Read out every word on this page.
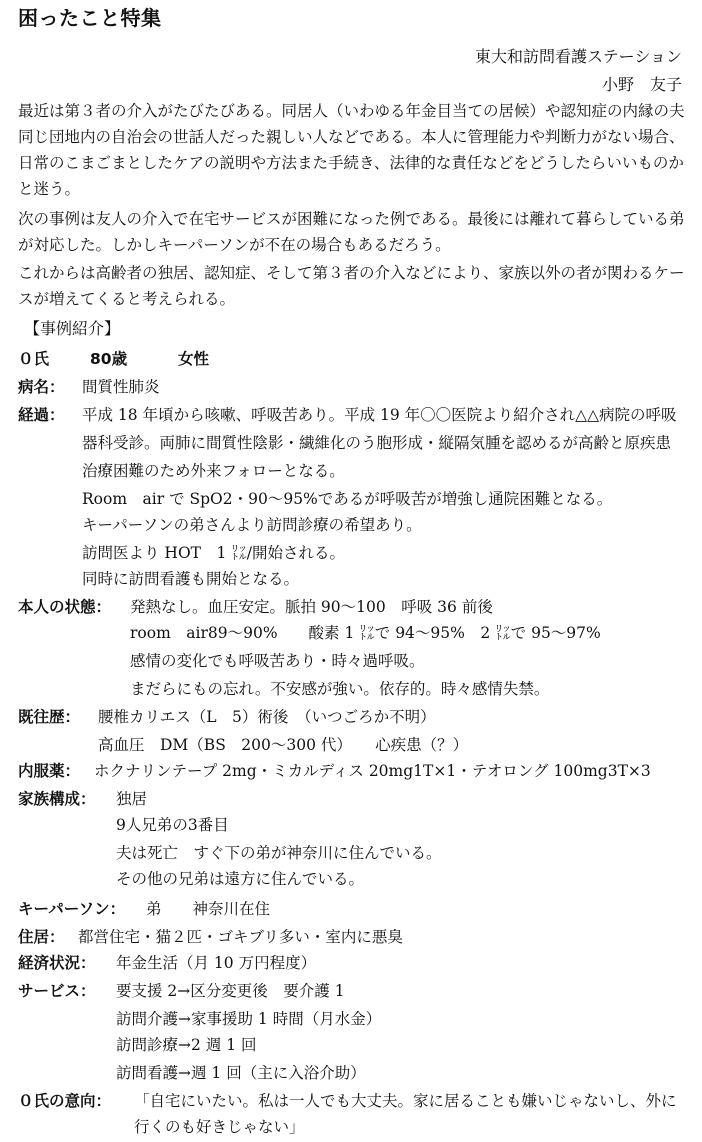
困ったこと特集
東大和訪問看護ステーション
小野　友子
最近は第３者の介入がたびたびある。同居人（いわゆる年金目当ての居候）や認知症の内縁の夫　同じ団地内の自治会の世話人だった親しい人などである。本人に管理能力や判断力がない場合、日常のこまごまとしたケアの説明や方法また手続き、法律的な責任などをどうしたらいいものかと迷う。
次の事例は友人の介入で在宅サービスが困難になった例である。最後には離れて暮らしている弟が対応した。しかしキーパーソンが不在の場合もあるだろう。
これからは高齢者の独居、認知症、そして第３者の介入などにより、家族以外の者が関わるケースが増えてくると考えられる。
【事例紹介】
０氏	80歳	女性
病名： 間質性肺炎
経過： 平成 18 年頃から咳嗽、呼吸苦あり。平成 19 年〇〇医院より紹介され△△病院の呼吸
器科受診。両肺に間質性陰影・繊維化のう胞形成・縦隔気腫を認めるが高齢と原疾患
治療困難のため外来フォローとなる。
Room　air で SpO2・90～95%であるが呼吸苦が増強し通院困難となる。
キーパーソンの弟さんより訪問診療の希望あり。
訪問医より HOT　1 ㍑/開始される。
同時に訪問看護も開始となる。
本人の状態： 発熱なし。血圧安定。脈拍 90～100　呼吸 36 前後
room　air89～90%　　酸素 1 ㍑で 94～95%　2 ㍑で 95～97%
感情の変化でも呼吸苦あり・時々過呼吸。
まだらにもの忘れ。不安感が強い。依存的。時々感情失禁。
既往歴： 腰椎カリエス（L　5）術後　（いつごろか不明）
高血圧　DM（BS　200～300 代）　　心疾患（？）
内服薬： ホクナリンテープ 2mg・ミカルディス 20mg1T×1・テオロング 100mg3T×3
家族構成： 独居
9人兄弟の3番目
夫は死亡　すぐ下の弟が神奈川に住んでいる。
その他の兄弟は遠方に住んでいる。
キーパーソン： 弟　　神奈川在住
住居： 都営住宅・猫２匹・ゴキブリ多い・室内に悪臭
経済状況： 年金生活（月 10 万円程度）
サービス： 要支援 2→区分変更後　要介護 1
訪問介護→家事援助 1 時間（月水金）
訪問診療→2 週 1 回
訪問看護→週 1 回（主に入浴介助）
０氏の意向： 「自宅にいたい。私は一人でも大丈夫。家に居ることも嫌いじゃないし、外に
行くのも好きじゃない」
